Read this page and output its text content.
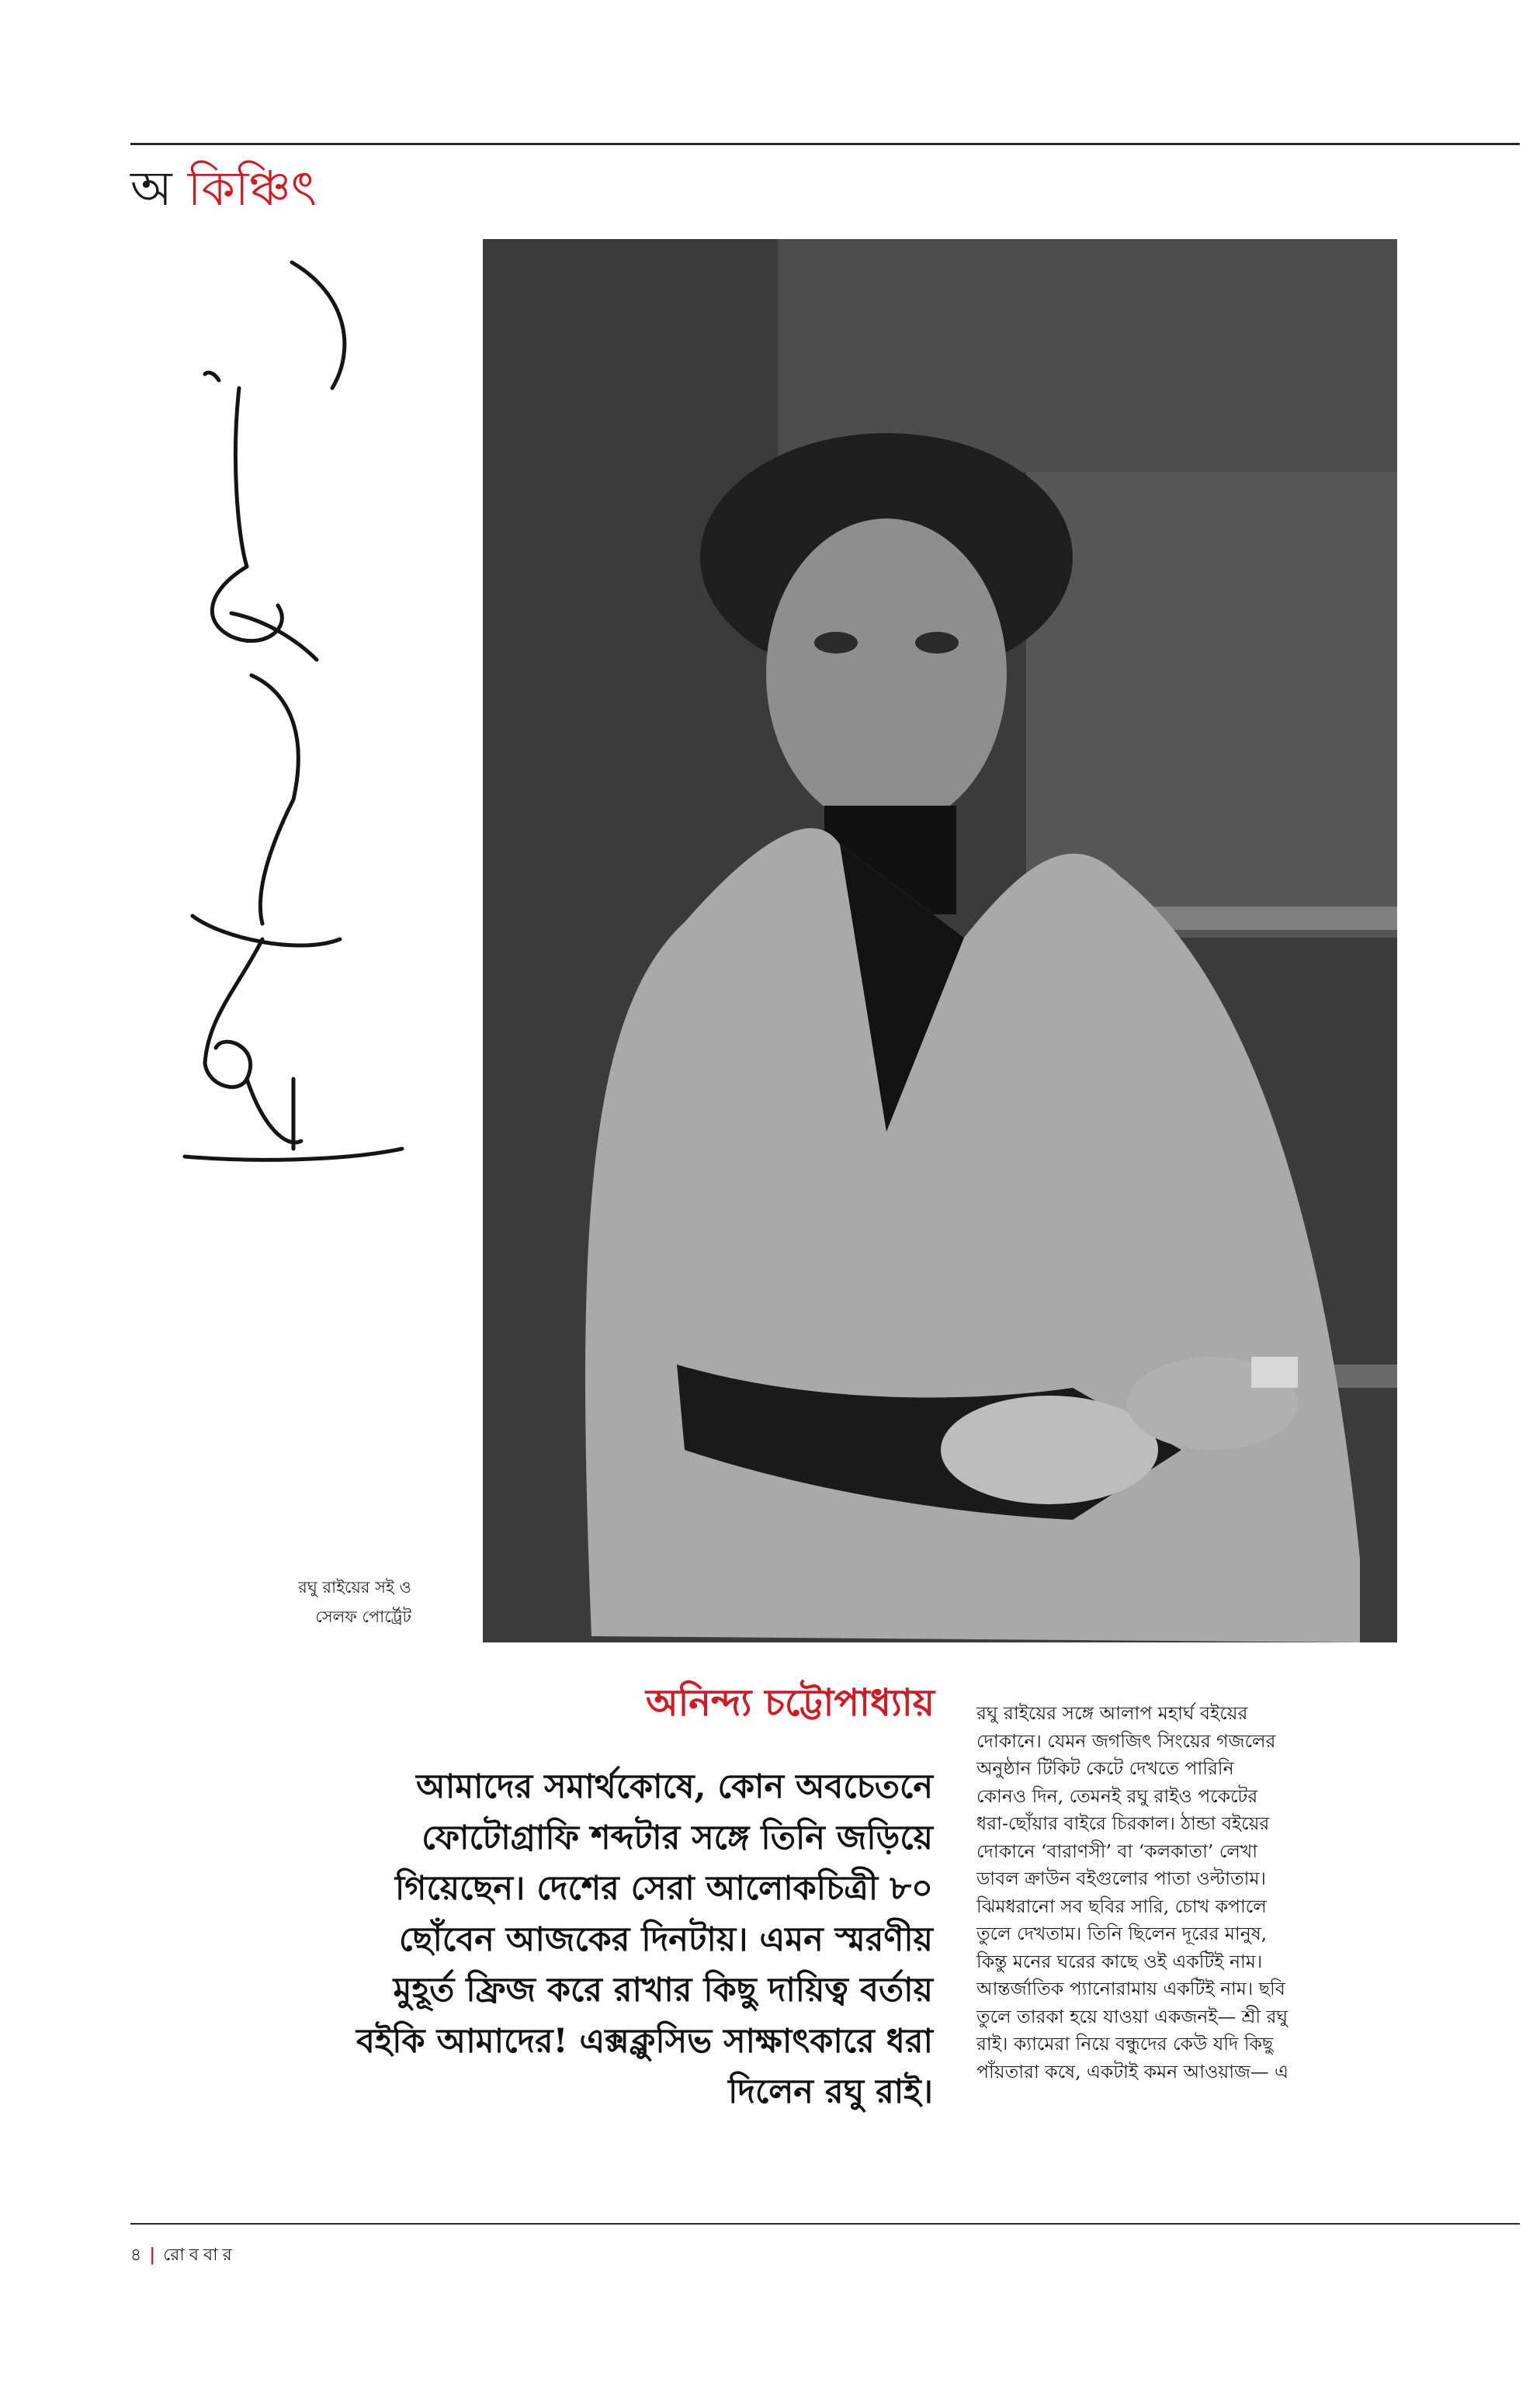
অ কিঞ্চিৎ
রঘু রাইয়ের সই ও
সেলফ পোর্ট্রেট
অনিন্দ্য চট্টোপাধ্যায়
আমাদের সমার্থকোষে, কোন অবচেতনে
ফোটোগ্রাফি শব্দটার সঙ্গে তিনি জড়িয়ে
গিয়েছেন। দেশের সেরা আলোকচিত্রী ৮০
ছোঁবেন আজকের দিনটায়। এমন স্মরণীয়
মুহূর্ত ফ্রিজ করে রাখার কিছু দায়িত্ব বর্তায়
বইকি আমাদের! এক্সক্লুসিভ সাক্ষাৎকারে ধরা
দিলেন রঘু রাই।
রঘু রাইয়ের সঙ্গে আলাপ মহার্ঘ বইয়ের
দোকানে। যেমন জগজিৎ সিংয়ের গজলের
অনুষ্ঠান টিকিট কেটে দেখতে পারিনি
কোনও দিন, তেমনই রঘু রাইও পকেটের
ধরা-ছোঁয়ার বাইরে চিরকাল। ঠান্ডা বইয়ের
দোকানে ‘বারাণসী’ বা ‘কলকাতা’ লেখা
ডাবল ক্রাউন বইগুলোর পাতা ওল্টাতাম।
ঝিমধরানো সব ছবির সারি, চোখ কপালে
তুলে দেখতাম। তিনি ছিলেন দূরের মানুষ,
কিন্তু মনের ঘরের কাছে ওই একটিই নাম।
আন্তর্জাতিক প্যানোরামায় একটিই নাম। ছবি
তুলে তারকা হয়ে যাওয়া একজনই— শ্রী রঘু
রাই। ক্যামেরা নিয়ে বন্ধুদের কেউ যদি কিছু
পাঁয়তারা কষে, একটাই কমন আওয়াজ— এ
৪ | রোববার
